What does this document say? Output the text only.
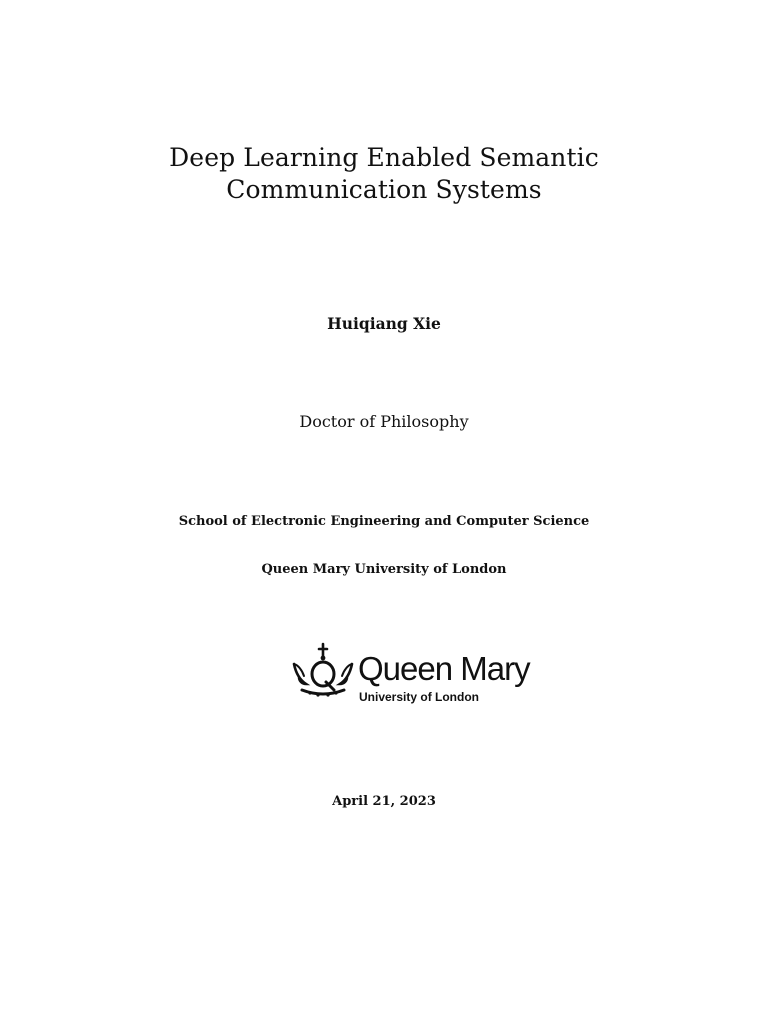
Deep Learning Enabled Semantic
Communication Systems
Huiqiang Xie
Doctor of Philosophy
School of Electronic Engineering and Computer Science
Queen Mary University of London
Queen Mary
University of London
April 21, 2023
